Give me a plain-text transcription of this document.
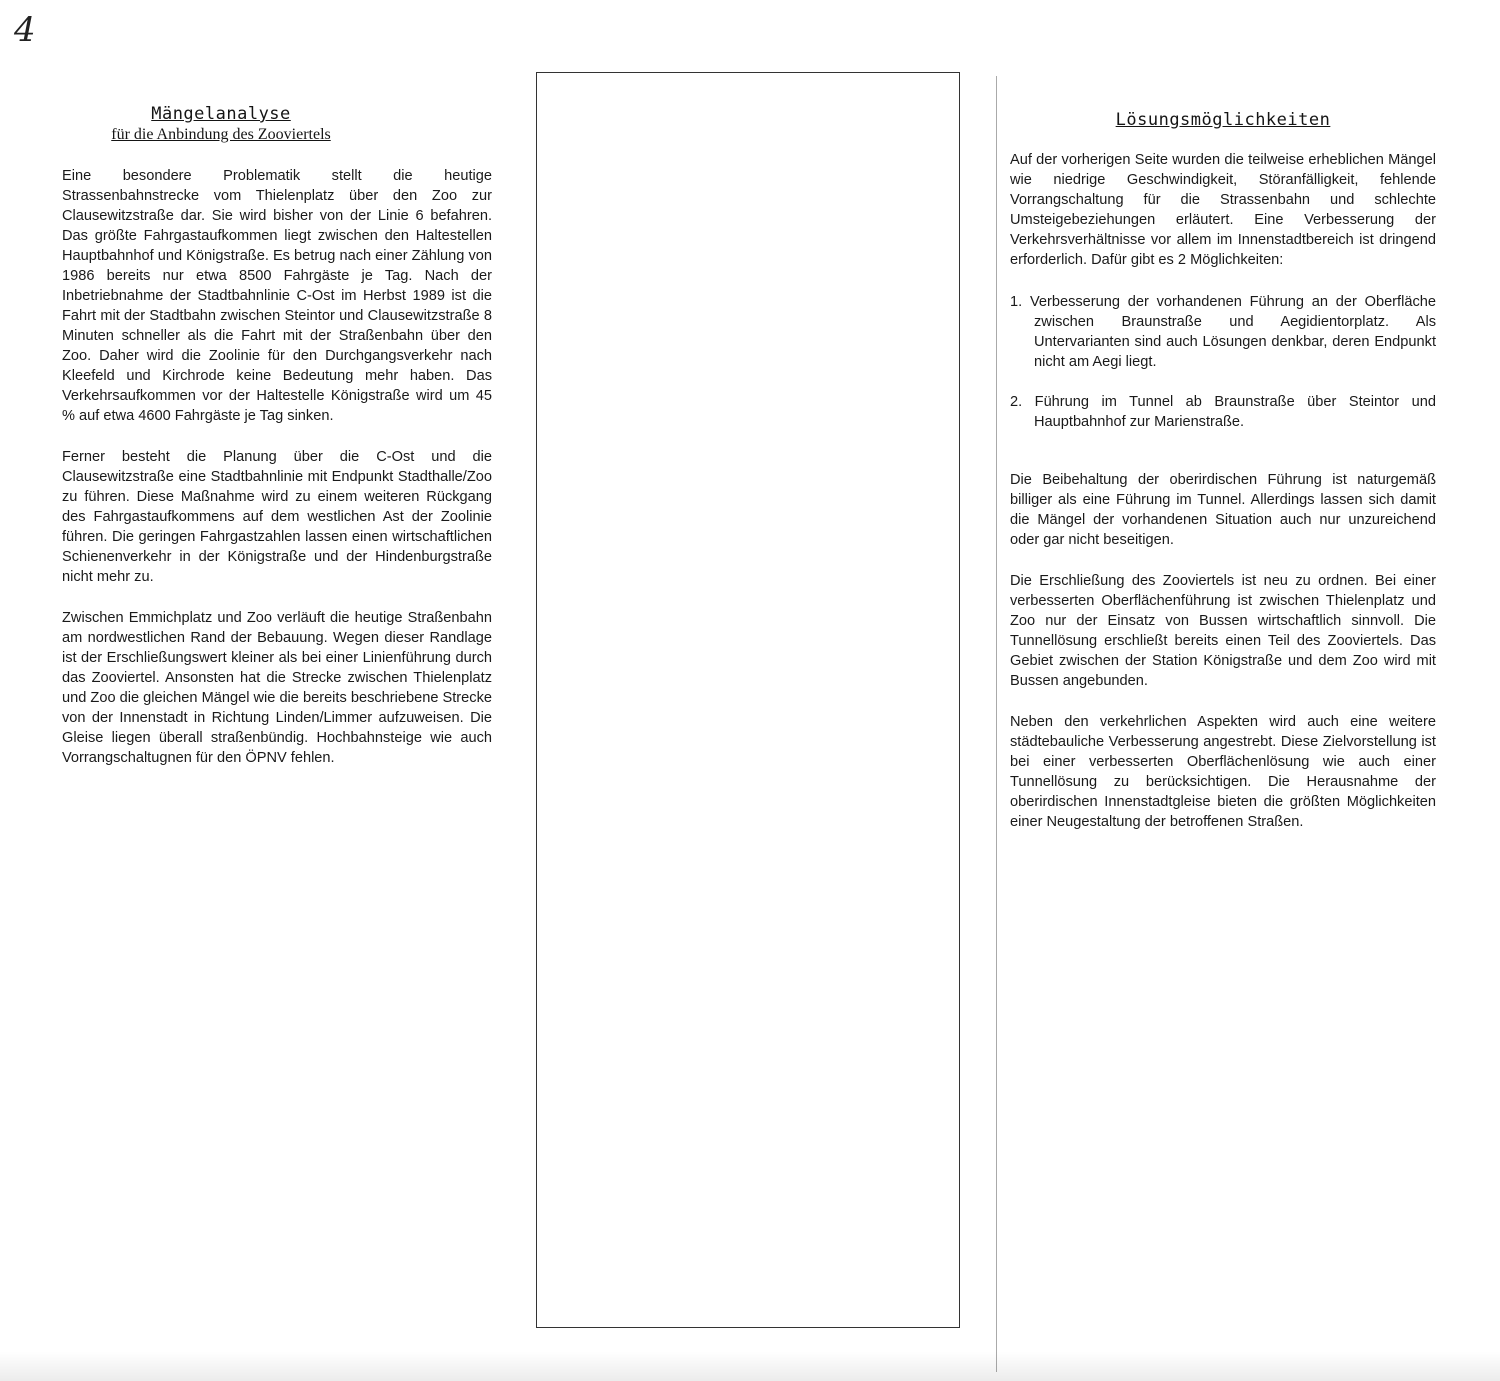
4
Mängelanalyse
für die Anbindung des Zooviertels

Eine besondere Problematik stellt die heutige Strassenbahnstrecke vom Thielenplatz über den Zoo zur Clausewitzstraße dar. Sie wird bisher von der Linie 6 befahren. Das größte Fahrgastaufkommen liegt zwischen den Haltestellen Hauptbahnhof und Königstraße. Es betrug nach einer Zählung von 1986 bereits nur etwa 8500 Fahrgäste je Tag. Nach der Inbetriebnahme der Stadtbahnlinie C-Ost im Herbst 1989 ist die Fahrt mit der Stadtbahn zwischen Steintor und Clausewitzstraße 8 Minuten schneller als die Fahrt mit der Straßenbahn über den Zoo. Daher wird die Zoolinie für den Durchgangsverkehr nach Kleefeld und Kirchrode keine Bedeutung mehr haben. Das Verkehrsaufkommen vor der Haltestelle Königstraße wird um 45 % auf etwa 4600 Fahrgäste je Tag sinken.

Ferner besteht die Planung über die C-Ost und die Clausewitzstraße eine Stadtbahnlinie mit Endpunkt Stadthalle/Zoo zu führen. Diese Maßnahme wird zu einem weiteren Rückgang des Fahrgastaufkommens auf dem westlichen Ast der Zoolinie führen. Die geringen Fahrgastzahlen lassen einen wirtschaftlichen Schienenverkehr in der Königstraße und der Hindenburgstraße nicht mehr zu.

Zwischen Emmichplatz und Zoo verläuft die heutige Straßenbahn am nordwestlichen Rand der Bebauung. Wegen dieser Randlage ist der Erschließungswert kleiner als bei einer Linienführung durch das Zooviertel. Ansonsten hat die Strecke zwischen Thielenplatz und Zoo die gleichen Mängel wie die bereits beschriebene Strecke von der Innenstadt in Richtung Linden/Limmer aufzuweisen. Die Gleise liegen überall straßenbündig. Hochbahnsteige wie auch Vorrangschaltugnen für den ÖPNV fehlen.

Lösungsmöglichkeiten

Auf der vorherigen Seite wurden die teilweise erheblichen Mängel wie niedrige Geschwindigkeit, Störanfälligkeit, fehlende Vorrangschaltung für die Strassenbahn und schlechte Umsteigebeziehungen erläutert. Eine Verbesserung der Verkehrsverhältnisse vor allem im Innenstadtbereich ist dringend erforderlich. Dafür gibt es 2 Möglichkeiten:

1. Verbesserung der vorhandenen Führung an der Oberfläche zwischen Braunstraße und Aegidientorplatz. Als Untervarianten sind auch Lösungen denkbar, deren Endpunkt nicht am Aegi liegt.
2. Führung im Tunnel ab Braunstraße über Steintor und Hauptbahnhof zur Marienstraße.

Die Beibehaltung der oberirdischen Führung ist naturgemäß billiger als eine Führung im Tunnel. Allerdings lassen sich damit die Mängel der vorhandenen Situation auch nur unzureichend oder gar nicht beseitigen.

Die Erschließung des Zooviertels ist neu zu ordnen. Bei einer verbesserten Oberflächenführung ist zwischen Thielenplatz und Zoo nur der Einsatz von Bussen wirtschaftlich sinnvoll. Die Tunnellösung erschließt bereits einen Teil des Zooviertels. Das Gebiet zwischen der Station Königstraße und dem Zoo wird mit Bussen angebunden.

Neben den verkehrlichen Aspekten wird auch eine weitere städtebauliche Verbesserung angestrebt. Diese Zielvorstellung ist bei einer verbesserten Oberflächenlösung wie auch einer Tunnellösung zu berücksichtigen. Die Herausnahme der oberirdischen Innenstadtgleise bieten die größten Möglichkeiten einer Neugestaltung der betroffenen Straßen.
